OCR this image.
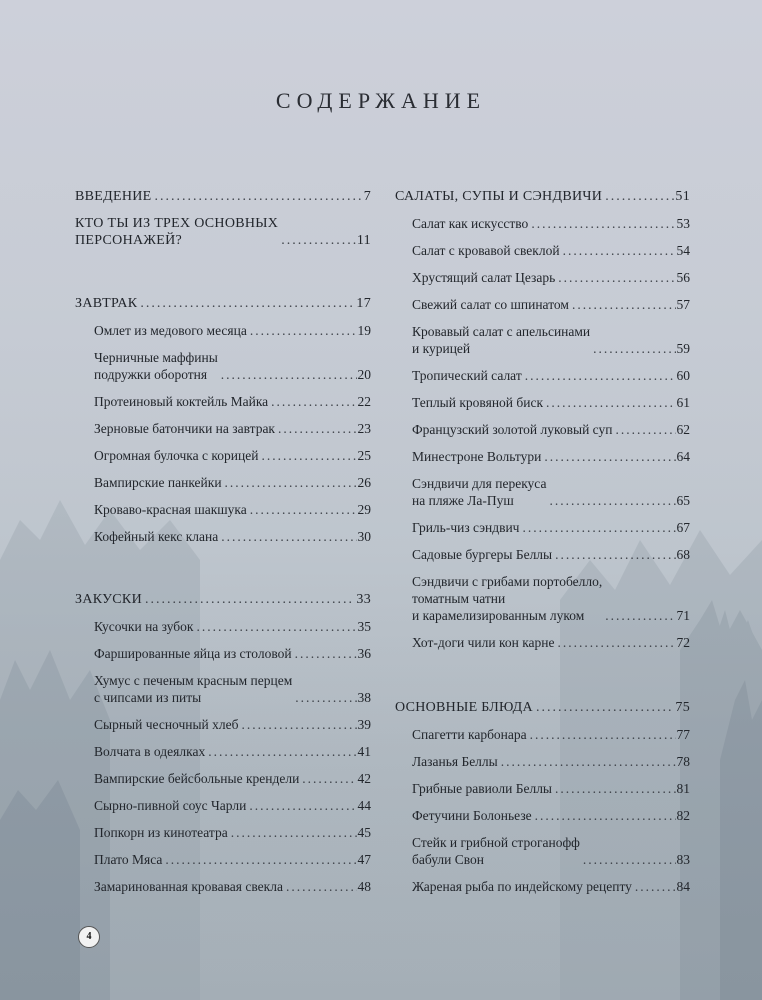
СОДЕРЖАНИЕ
ВВЕДЕНИЕ .....	7
КТО ТЫ ИЗ ТРЕХ ОСНОВНЫХ
ПЕРСОНАЖЕЙ? .....	11
ЗАВТРАК .....	17
Омлет из медового месяца .....	19
Черничные маффины
подружки оборотня .....	20
Протеиновый коктейль Майка .....	22
Зерновые батончики на завтрак .....	23
Огромная булочка с корицей .....	25
Вампирские панкейки .....	26
Кроваво-красная шакшука .....	29
Кофейный кекс клана .....	30
ЗАКУСКИ .....	33
Кусочки на зубок .....	35
Фаршированные яйца из столовой .....	36
Хумус с печеным красным перцем
с чипсами из питы .....	38
Сырный чесночный хлеб .....	39
Волчата в одеялках .....	41
Вампирские бейсбольные крендели .....	42
Сырно-пивной соус Чарли .....	44
Попкорн из кинотеатра .....	45
Плато Мяса .....	47
Замаринованная кровавая свекла .....	48
САЛАТЫ, СУПЫ И СЭНДВИЧИ .....	51
Салат как искусство .....	53
Салат с кровавой свеклой .....	54
Хрустящий салат Цезарь .....	56
Свежий салат со шпинатом .....	57
Кровавый салат с апельсинами
и курицей .....	59
Тропический салат .....	60
Теплый кровяной биск .....	61
Французский золотой луковый суп .....	62
Минестроне Вольтури .....	64
Сэндвичи для перекуса
на пляже Ла-Пуш .....	65
Гриль-чиз сэндвич .....	67
Садовые бургеры Беллы .....	68
Сэндвичи с грибами портобелло,
томатным чатни
и карамелизированным луком .....	71
Хот-доги чили кон карне .....	72
ОСНОВНЫЕ БЛЮДА .....	75
Спагетти карбонара .....	77
Лазанья Беллы .....	78
Грибные равиоли Беллы .....	81
Фетучини Болоньезе .....	82
Стейк и грибной строганофф
бабули Свон .....	83
Жареная рыба по индейскому рецепту .....	84
4
